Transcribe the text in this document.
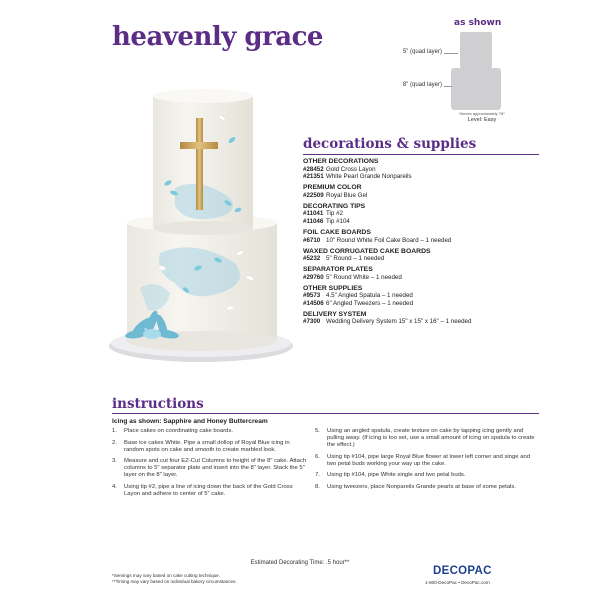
heavenly grace	as shown
5" (quad layer)
8" (quad layer)
Serves approximately 78*
Level: Easy
decorations & supplies
OTHER DECORATIONS
#28452 Gold Cross Layon
#21351 White Pearl Grande Nonpareils
PREMIUM COLOR
#22509 Royal Blue Gel
DECORATING TIPS
#11041 Tip #2
#11046 Tip #104
FOIL CAKE BOARDS
#6710 10" Round White Foil Cake Board – 1 needed
WAXED CORRUGATED CAKE BOARDS
#5232 5" Round – 1 needed
SEPARATOR PLATES
#29760 5" Round White – 1 needed
OTHER SUPPLIES
#9573 4.5" Angled Spatula – 1 needed
#14506 6" Angled Tweezers – 1 needed
DELIVERY SYSTEM
#7300 Wedding Delivery System 15" x 15" x 16" – 1 needed
instructions
Icing as shown: Sapphire and Honey Buttercream
1.	Place cakes on coordinating cake boards.
2.	Base ice cakes White. Pipe a small dollop of Royal Blue icing in random spots on cake and smooth to create marbled look.
3.	Measure and cut four EZ-Cut Columns to height of the 8" cake. Attach columns to 5" separator plate and insert into the 8" layer. Stack the 5" layer on the 8" layer.
4.	Using tip #2, pipe a line of icing down the back of the Gold Cross Layon and adhere to center of 5" cake.
5.	Using an angled spatula, create texture on cake by tapping icing gently and pulling away. (If icing is too set, use a small amount of icing on spatula to create the effect.)
6.	Using tip #104, pipe large Royal Blue flower at lower left corner and singe and two petal buds working your way up the cake.
7.	Using tip #104, pipe White single and two petal buds.
8.	Using tweezers, place Nonpareils Grande pearls at base of some petals.
Estimated Decorating Time: .5 hour**
*Servings may vary based on cake cutting technique.
**Timing may vary based on individual bakery circumstances.
DECOPAC
1-800-DecoPac • DecoPac.com
